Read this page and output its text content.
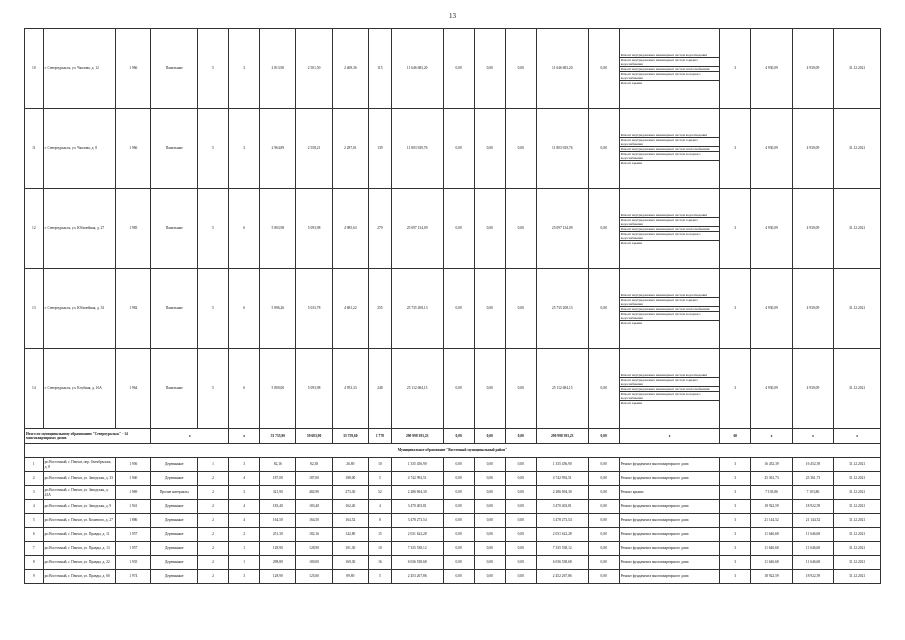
13
10	г. Североуральск, ул. Чкалова, д. 12	1 966	Панельные	5	3	2 813,90	2 501,50	2 469,36	115	11 646 683,20	0,00	0,00	0,00	11 646 683,20	0,00	Ремонт внутридомовых инженерных систем водоотведения
Ремонт внутридомовых инженерных систем горячего водоснабжения
Ремонт внутридомовых инженерных систем теплоснабжения
Ремонт внутридомовых инженерных систем холодного водоснабжения
Ремонт крыши	3	4 930,09	4 930,09	31.12.2021
11	г. Североуральск, ул. Чкалова, д. 8	1 966	Панельные	5	3	2 964,89	2 558,21	2 287,01	139	11 803 929,76	0,00	0,00	0,00	11 803 929,76	0,00	Ремонт внутридомовых инженерных систем водоотведения
Ремонт внутридомовых инженерных систем горячего водоснабжения
Ремонт внутридомовых инженерных систем теплоснабжения
Ремонт внутридомовых инженерных систем холодного водоснабжения
Ремонт крыши	3	4 930,09	4 930,09	31.12.2021
12	г. Североуральск, ул. Юбилейная, д. 27	1 985	Панельные	5	6	5 803,98	5 093,98	4 985,63	279	25 097 134,09	0,00	0,00	0,00	25 097 134,09	0,00	Ремонт внутридомовых инженерных систем водоотведения
Ремонт внутридомовых инженерных систем горячего водоснабжения
Ремонт внутридомовых инженерных систем теплоснабжения
Ремонт внутридомовых инженерных систем холодного водоснабжения
Ремонт крыши	3	4 930,09	4 930,09	31.12.2021
13	г. Североуральск, ул. Юбилейная, д. 33	1 982	Панельные	5	6	5 896,26	5 033,78	4 681,22	255	25 735 208,13	0,00	0,00	0,00	25 735 208,13	0,00	Ремонт внутридомовых инженерных систем водоотведения
Ремонт внутридомовых инженерных систем горячего водоснабжения
Ремонт внутридомовых инженерных систем теплоснабжения
Ремонт внутридомовых инженерных систем холодного водоснабжения
Ремонт крыши	3	4 930,09	4 930,09	31.12.2021
14	г. Североуральск, ул. Клубная, д. 16А	1 964	Панельные	5	6	5 800,00	5 093,98	4 953,33	248	25 112 684,15	0,00	0,00	0,00	25 112 684,15	0,00	Ремонт внутридомовых инженерных систем водоотведения
Ремонт внутридомовых инженерных систем горячего водоснабжения
Ремонт внутридомовых инженерных систем теплоснабжения
Ремонт внутридомовых инженерных систем холодного водоснабжения
Ремонт крыши	3	4 930,09	4 930,09	31.12.2021
Итого по муниципальному образованию "Североуральск" - 14 многоквартирных домов			x		x	53 735,90	59 683,90	35 759,60	1 778	290 998 393,23	0,00	0,00	0,00	290 998 393,23	0,00	x	60	x	x	x
Муниципальное образование "Восточный муниципальный район"																				
1	рп Восточный, г. Пенчат, пер. Октябрьских, д. 8	1 956	Деревянные	1	3	82,16	82,38	26,80	10	1 335 456,90	0,00	0,00	0,00	1 335 456,90	0,00	Ремонт фундамента многоквартирного дома	3	16 452,39	16 452,39	31.12.2021
2	рп Восточный, г. Пенчат, ул. Заводская, д. 33	1 940	Деревянные	2	4	187,00	187,00	188,00	5	4 742 992,51	0,00	0,00	0,00	4 742 992,51	0,00	Ремонт фундамента многоквартирного дома	3	25 361,73	25 361,73	31.12.2021
3	рп Восточный, г. Пенчат, ул. Заводская, д. 43А	1 969	Прочие материалы	2	3	321,90	482,90	273,30	52	2 286 694,30	0,00	0,00	0,00	2 286 694,30	0,00	Ремонт крыши	3	7 103,86	7 103,86	31.12.2021
4	рп Восточный, г. Пенчат, ул. Заводская, д. 9	1 941	Деревянные	2	4	183,40	183,40	162,40	4	3 470 403,81	0,00	0,00	0,00	3 470 403,81	0,00	Ремонт фундамента многоквартирного дома	3	18 922,59	18 922,59	31.12.2021
5	рп Восточный, г. Пенчат, ул. Кошевого, д. 27	1 886	Деревянные	2	4	164,50	164,50	164,52	8	3 478 273,54	0,00	0,00	0,00	3 478 273,54	0,00	Ремонт фундамента многоквартирного дома	3	21 144,52	21 144,52	31.12.2021
6	рп Восточный, г. Пенчат, ул. Правды, д. 11	1 957	Деревянные	2	2	251,30	182,16	142,80	15	2 031 622,28	0,00	0,00	0,00	2 031 622,28	0,00	Ремонт фундамента многоквартирного дома	3	11 646,68	11 646,68	31.12.2021
7	рп Восточный, г. Пенчат, ул. Правды, д. 13	1 957	Деревянные	2	1	128,90	128,90	101,30	10	7 335 538,12	0,00	0,00	0,00	7 335 538,12	0,00	Ремонт фундамента многоквартирного дома	3	11 646,68	11 646,68	31.12.2021
8	рп Восточный, г. Пенчат, ул. Правды, д. 22	1 935	Деревянные	2	1	298,80	180,00	169,30	16	6 036 538,68	0,00	0,00	0,00	6 036 538,68	0,00	Ремонт фундамента многоквартирного дома	3	11 646,68	11 646,68	31.12.2021
9	рп Восточный, г. Пенчат, ул. Правды, д. 60	1 974	Деревянные	2	3	128,90	125,00	89,80	5	2 453 267,86	0,00	0,00	0,00	2 452 267,86	0,00	Ремонт фундамента многоквартирного дома	3	18 922,59	18 922,59	31.12.2021
